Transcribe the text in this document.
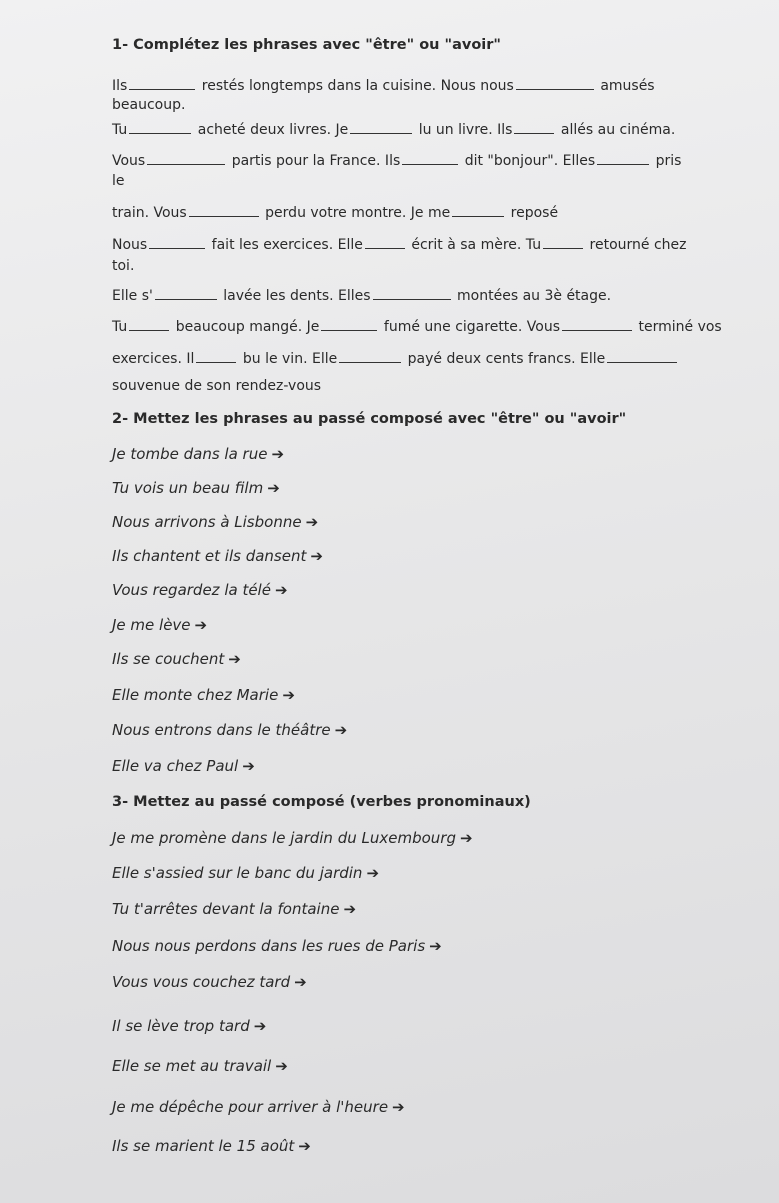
1- Complétez les phrases avec "être" ou "avoir"
Ils	restés longtemps dans la cuisine. Nous nous	amusés
beaucoup.
Tu	acheté deux livres. Je	lu un livre. Ils	allés au cinéma.
Vous	partis pour la France. Ils	dit "bonjour". Elles	pris
le
train. Vous	perdu votre montre. Je me	reposé
Nous	fait les exercices. Elle	écrit à sa mère. Tu	retourné chez
toi.
Elle s'	lavée les dents. Elles	montées au 3è étage.
Tu	beaucoup mangé. Je	fumé une cigarette. Vous	terminé vos
exercices. Il	bu le vin. Elle	payé deux cents francs. Elle
souvenue de son rendez-vous
2- Mettez les phrases au passé composé avec "être" ou "avoir"
Je tombe dans la rue ➔
Tu vois un beau film ➔
Nous arrivons à Lisbonne ➔
Ils chantent et ils dansent ➔
Vous regardez la télé ➔
Je me lève ➔
Ils se couchent ➔
Elle monte chez Marie ➔
Nous entrons dans le théâtre ➔
Elle va chez Paul ➔
3- Mettez au passé composé (verbes pronominaux)
Je me promène dans le jardin du Luxembourg ➔
Elle s'assied sur le banc du jardin ➔
Tu t'arrêtes devant la fontaine ➔
Nous nous perdons dans les rues de Paris ➔
Vous vous couchez tard ➔
Il se lève trop tard ➔
Elle se met au travail ➔
Je me dépêche pour arriver à l'heure ➔
Ils se marient le 15 août ➔
